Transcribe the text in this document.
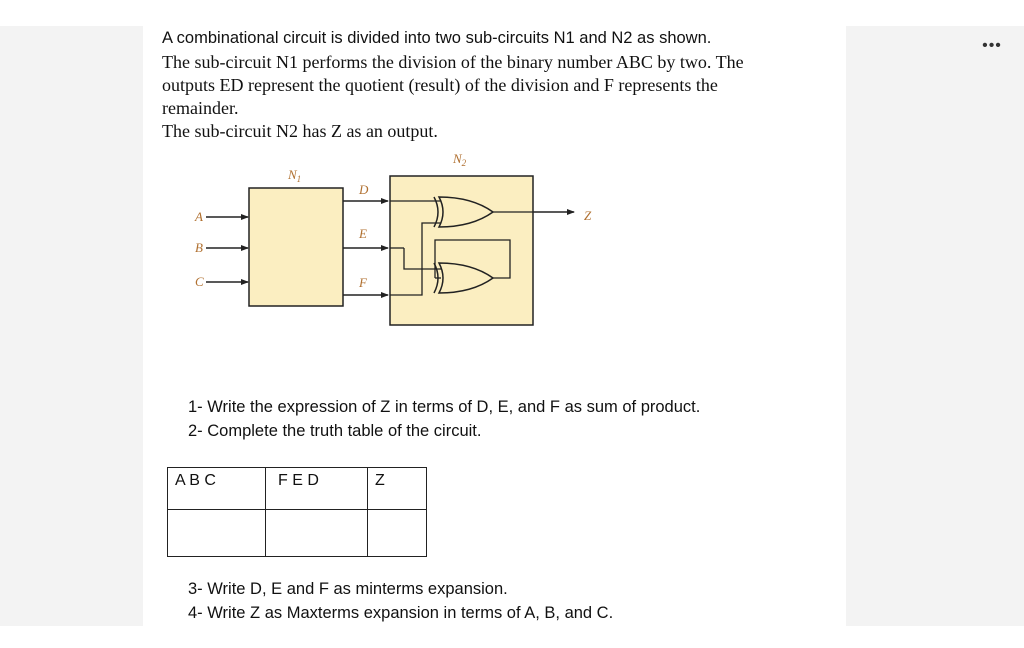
•••
A combinational circuit is divided into two sub-circuits N1 and N2 as shown.
The sub-circuit N1 performs the division of the binary number ABC by two. The
outputs ED represent the quotient (result) of the division and F represents the
remainder.
The sub-circuit N2 has Z as an output.
$N_1$
$N_2$
A
B
C
D
E
F
Z
1- Write the expression of Z in terms of D, E, and F as sum of product.
2- Complete the truth table of the circuit.
A B C	F E D	Z

3- Write D, E and F as minterms expansion.
4- Write Z as Maxterms expansion in terms of A, B, and C.
